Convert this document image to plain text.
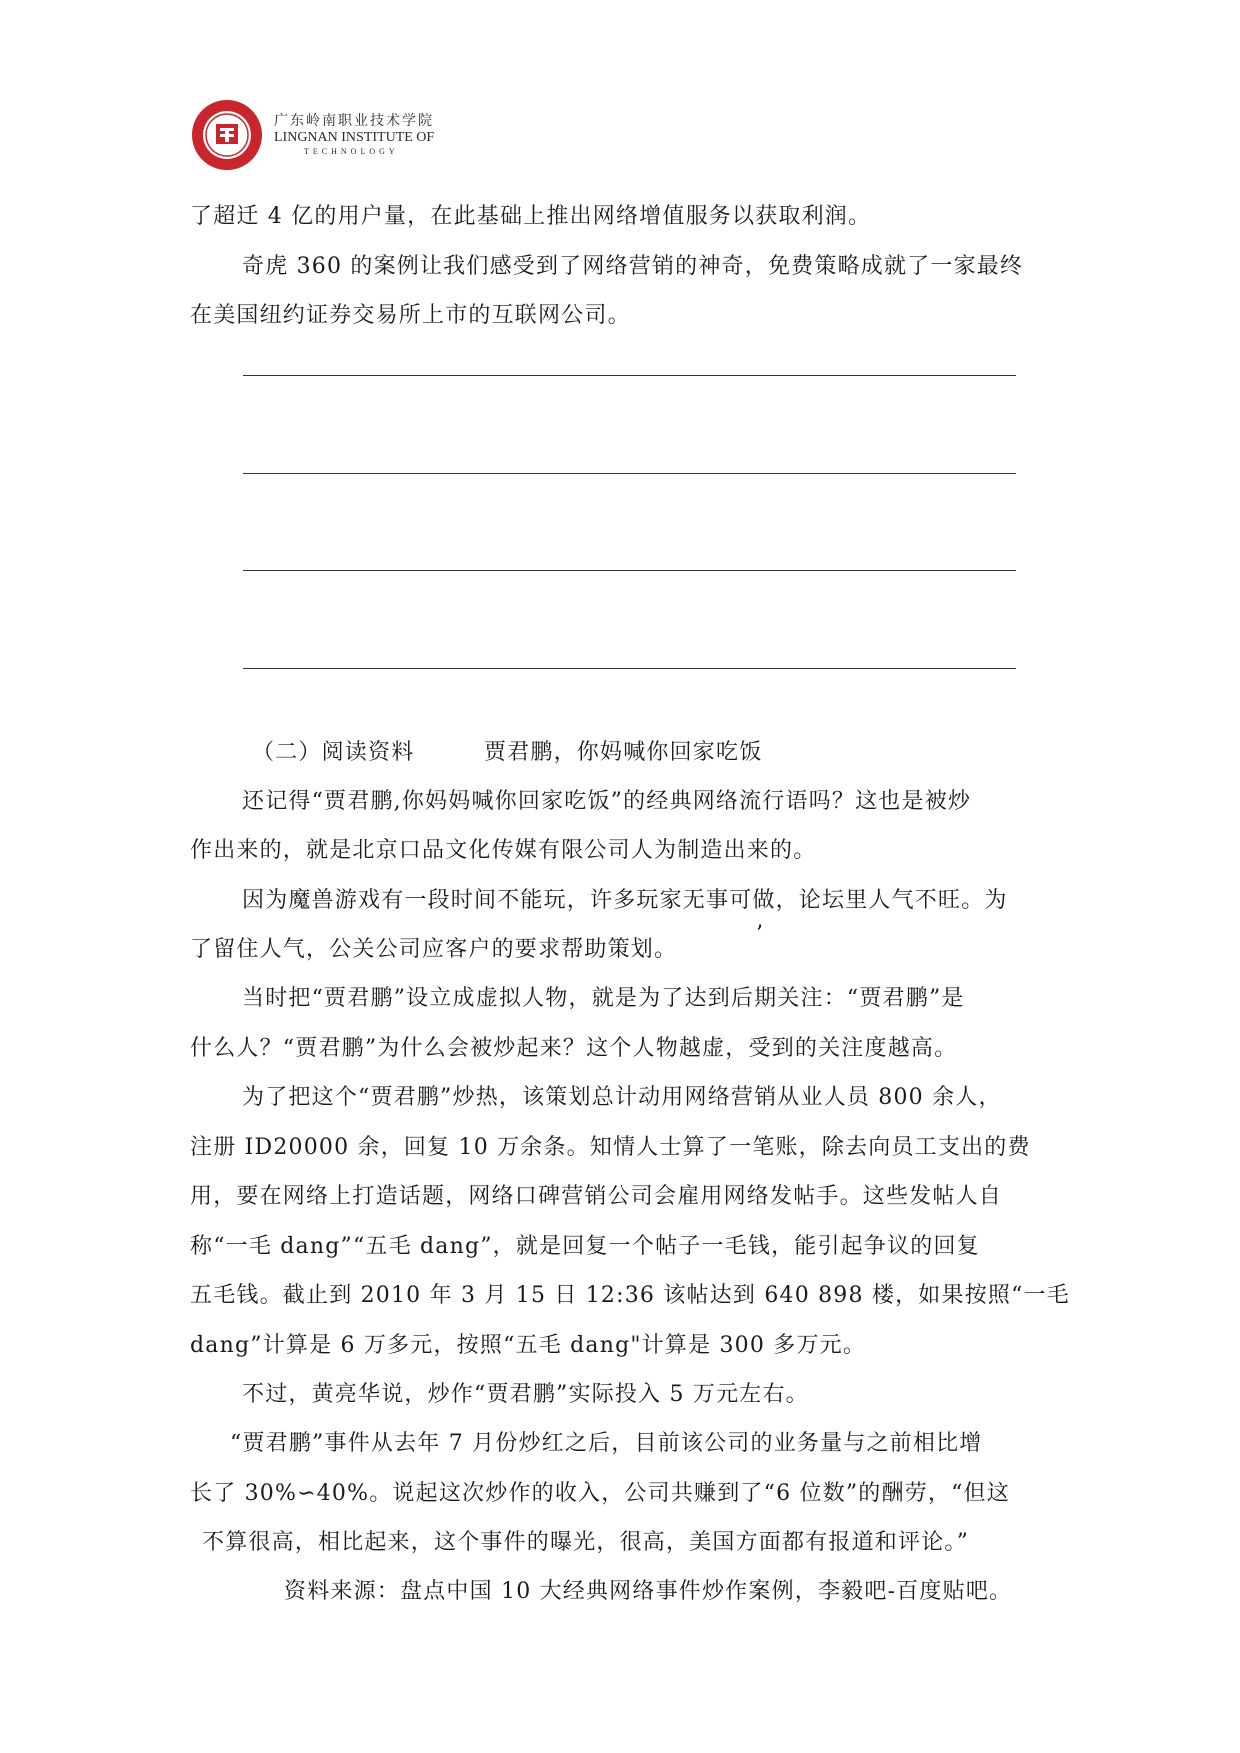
广东岭南职业技术学院
LINGNAN INSTITUTE OF
TECHNOLOGY

了超迁 4 亿的用户量，在此基础上推出网络增值服务以获取利润。

奇虎 360 的案例让我们感受到了网络营销的神奇，免费策略成就了一家最终

在美国纽约证券交易所上市的互联网公司。

（二）阅读资料　　　贾君鹏，你妈喊你回家吃饭

还记得“贾君鹏,你妈妈喊你回家吃饭”的经典网络流行语吗？这也是被炒

作出来的，就是北京口品文化传媒有限公司人为制造出来的。

因为魔兽游戏有一段时间不能玩，许多玩家无事可做，论坛里人气不旺。为

了留住人气，公关公司应客户的要求帮助策划。

当时把“贾君鹏”设立成虚拟人物，就是为了达到后期关注：“贾君鹏”是

什么人？“贾君鹏”为什么会被炒起来？这个人物越虚，受到的关注度越高。

为了把这个“贾君鹏”炒热，该策划总计动用网络营销从业人员 800 余人，

注册 ID20000 余，回复 10 万余条。知情人士算了一笔账，除去向员工支出的费

用，要在网络上打造话题，网络口碑营销公司会雇用网络发帖手。这些发帖人自

称“一毛 dang”“五毛 dang”，就是回复一个帖子一毛钱，能引起争议的回复

五毛钱。截止到 2010 年 3 月 15 日 12:36 该帖达到 640 898 楼，如果按照“一毛

dang”计算是 6 万多元，按照“五毛 dang"计算是 300 多万元。

不过，黄亮华说，炒作“贾君鹏”实际投入 5 万元左右。

“贾君鹏”事件从去年 7 月份炒红之后，目前该公司的业务量与之前相比增

长了 30%∽40%。说起这次炒作的收入，公司共赚到了“6 位数”的酬劳，“但这

不算很高，相比起来，这个事件的曝光，很高，美国方面都有报道和评论。”

资料来源：盘点中国 10 大经典网络事件炒作案例，李毅吧-百度贴吧。

’
